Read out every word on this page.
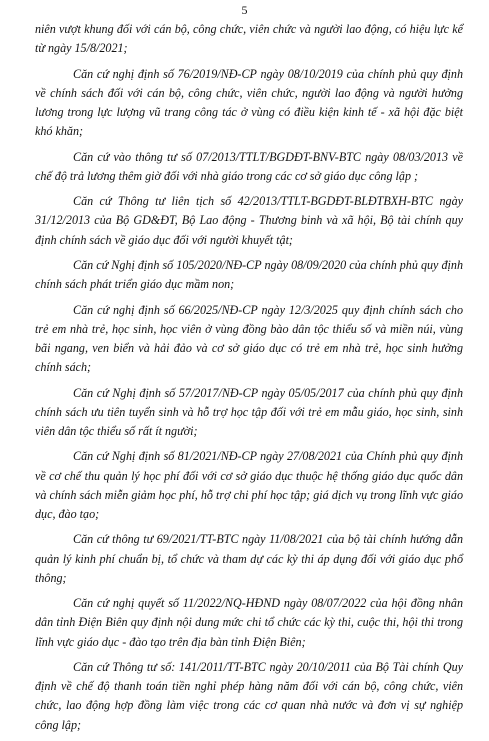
5

niên vượt khung đối với cán bộ, công chức, viên chức và người lao động, có hiệu lực kể từ ngày 15/8/2021;

Căn cứ nghị định số 76/2019/NĐ-CP ngày 08/10/2019 của chính phủ quy định về chính sách đối với cán bộ, công chức, viên chức, người lao động và người hưởng lương trong lực lượng vũ trang công tác ở vùng có điều kiện kinh tế - xã hội đặc biệt khó khăn;

Căn cứ vào thông tư số 07/2013/TTLT/BGDĐT-BNV-BTC ngày 08/03/2013 về chế độ trả lương thêm giờ đối với nhà giáo trong các cơ sở giáo dục công lập ;

Căn cứ Thông tư liên tịch số 42/2013/TTLT-BGDĐT-BLĐTBXH-BTC ngày 31/12/2013 của Bộ GD&ĐT, Bộ Lao động - Thương binh và xã hội, Bộ tài chính quy định chính sách về giáo dục đối với người khuyết tật;

Căn cứ Nghị định số 105/2020/NĐ-CP ngày 08/09/2020 của chính phủ quy định chính sách phát triển giáo dục mầm non;

Căn cứ nghị định số 66/2025/NĐ-CP ngày 12/3/2025 quy định chính sách cho trẻ em nhà trẻ, học sinh, học viên ở vùng đồng bào dân tộc thiểu số và miền núi, vùng bãi ngang, ven biển và hải đảo và cơ sở giáo dục có trẻ em nhà trẻ, học sinh hưởng chính sách;

Căn cứ Nghị định số 57/2017/NĐ-CP ngày 05/05/2017 của chính phủ quy định chính sách ưu tiên tuyển sinh và hỗ trợ học tập đối với trẻ em mẫu giáo, học sinh, sinh viên dân tộc thiểu số rất ít người;

Căn cứ Nghị định số 81/2021/NĐ-CP ngày 27/08/2021 của Chính phủ quy định về cơ chế thu quản lý học phí đối với cơ sở giáo dục thuộc hệ thống giáo dục quốc dân và chính sách miễn giảm học phí, hỗ trợ chi phí học tập; giá dịch vụ trong lĩnh vực giáo dục, đào tạo;

Căn cứ thông tư 69/2021/TT-BTC ngày 11/08/2021 của bộ tài chính hướng dẫn quản lý kinh phí chuẩn bị, tổ chức và tham dự các kỳ thi áp dụng đối với giáo dục phổ thông;

Căn cứ nghị quyết số 11/2022/NQ-HĐND ngày 08/07/2022 của hội đồng nhân dân tỉnh Điện Biên quy định nội dung mức chi tổ chức các kỳ thi, cuộc thi, hội thi trong lĩnh vực giáo dục - đào tạo trên địa bàn tỉnh Điện Biên;

Căn cứ Thông tư số: 141/2011/TT-BTC ngày 20/10/2011 của Bộ Tài chính Quy định về chế độ thanh toán tiền nghỉ phép hàng năm đối với cán bộ, công chức, viên chức, lao động hợp đồng làm việc trong các cơ quan nhà nước và đơn vị sự nghiệp công lập;
